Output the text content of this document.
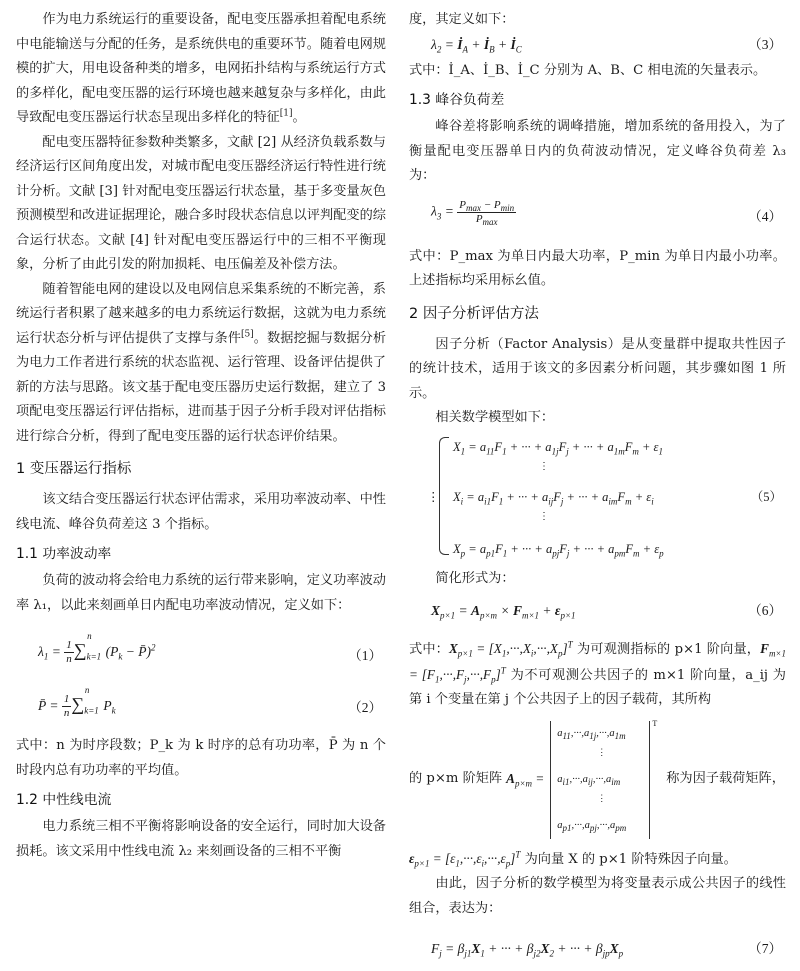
作为电力系统运行的重要设备，配电变压器承担着配电系统中电能输送与分配的任务，是系统供电的重要环节。随着电网规模的扩大，用电设备种类的增多，电网拓扑结构与系统运行方式的多样化，配电变压器的运行环境也越来越复杂与多样化，由此导致配电变压器运行状态呈现出多样化的特征[1]。

配电变压器特征参数种类繁多，文献 [2] 从经济负载系数与经济运行区间角度出发，对城市配电变压器经济运行特性进行统计分析。文献 [3] 针对配电变压器运行状态量，基于多变量灰色预测模型和改进证据理论，融合多时段状态信息以评判配变的综合运行状态。文献 [4] 针对配电变压器运行中的三相不平衡现象，分析了由此引发的附加损耗、电压偏差及补偿方法。

随着智能电网的建设以及电网信息采集系统的不断完善，系统运行者积累了越来越多的电力系统运行数据，这就为电力系统运行状态分析与评估提供了支撑与条件[5]。数据挖掘与数据分析为电力工作者进行系统的状态监视、运行管理、设备评估提供了新的方法与思路。该文基于配电变压器历史运行数据，建立了 3 项配电变压器运行评估指标，进而基于因子分析手段对评估指标进行综合分析，得到了配电变压器的运行状态评价结果。

1 变压器运行指标

该文结合变压器运行状态评估需求，采用功率波动率、中性线电流、峰谷负荷差这 3 个指标。

1.1 功率波动率

负荷的波动将会给电力系统的运行带来影响，定义功率波动率 λ₁，以此来刻画单日内配电功率波动情况，定义如下：

$\lambda_1 = \frac{1}{n} \sum_{k=1}^n(P_k$ − P̄)$^2$
（1）
P̄ = $\frac{1}{n} \sum_{k=1}^nP_k$	（2）

式中：n 为时序段数；P_k 为 k 时序的总有功功率，P̄ 为 n 个时段内总有功功率的平均值。

1.2 中性线电流

电力系统三相不平衡将影响设备的安全运行，同时加大设备损耗。该文采用中性线电流 λ₂ 来刻画设备的三相不平衡

度，其定义如下：

$\lambda_2$ = $İ_A$ + $İ_B$ + $İ_C$	（3）

式中：İ_A、İ_B、İ_C 分别为 A、B、C 相电流的矢量表示。

1.3 峰谷负荷差

峰谷差将影响系统的调峰措施，增加系统的备用投入，为了衡量配电变压器单日内的负荷波动情况，定义峰谷负荷差 λ₃ 为：

$\lambda_3 = \frac{P_{max} - P_{min}}{P_{max}}$	（4）

式中：P_max 为单日内最大功率，P_min 为单日内最小功率。上述指标均采用标幺值。

2 因子分析评估方法

因子分析（Factor Analysis）是从变量群中提取共性因子的统计技术，适用于该文的多因素分析问题，其步骤如图 1 所示。

相关数学模型如下：

⋮
$X_1 = a_{11}F_1$ + ··· + $a_{1j}F_j$ + ··· + $a_{1m}F_m + \varepsilon_1$
⋮
$X_i = a_{i1}F_1$ + ··· + $a_{ij}F_j$ + ··· + $a_{im}F_m + \varepsilon_i$
⋮
$X_p = a_{p1}F_1$ + ··· + $a_{pj}F_j$ + ··· + $a_{pm}F_m + \varepsilon_p$
（5）

简化形式为：

$X_{p\times 1} = A_{p\times m} \times F_{m\times 1} + \varepsilon_{p\times 1}$	（6）

式中：$X_{p\times 1} = [X_1,\cdot\cdot\cdot,X_i,\cdot\cdot\cdot,X_p]^T$ 为可观测指标的 p×1 阶向量，$F_{m\times 1} = [F_1,\cdot\cdot\cdot,F_j,\cdot\cdot\cdot,F_p]^T$ 为不可观测公共因子的 m×1 阶向量，a_ij 为第 i 个变量在第 j 个公共因子上的因子载荷，其所构

的 p×m 阶矩阵 $A_{p\times m}$ =
$a_{11},\cdot\cdot\cdot,a_{1j},\cdot\cdot\cdot,a_{1m}$
⋮
$a_{i1},\cdot\cdot\cdot,a_{ij},\cdot\cdot\cdot,a_{im}$
⋮
$a_{p1},\cdot\cdot\cdot,a_{pj},\cdot\cdot\cdot,a_{pm}$
T
称为因子载荷矩阵，

$\varepsilon_{p\times 1} = [\varepsilon_1,\cdot\cdot\cdot,\varepsilon_i,\cdot\cdot\cdot,\varepsilon_p]^T$ 为向量 X 的 p×1 阶特殊因子向量。

由此，因子分析的数学模型为将变量表示成公共因子的线性组合，表达为：

$F_j = \beta_{j1}X_1$ + ··· + $\beta_{j2}X_2$ + ··· + $\beta_{jp}X_p$	（7）
